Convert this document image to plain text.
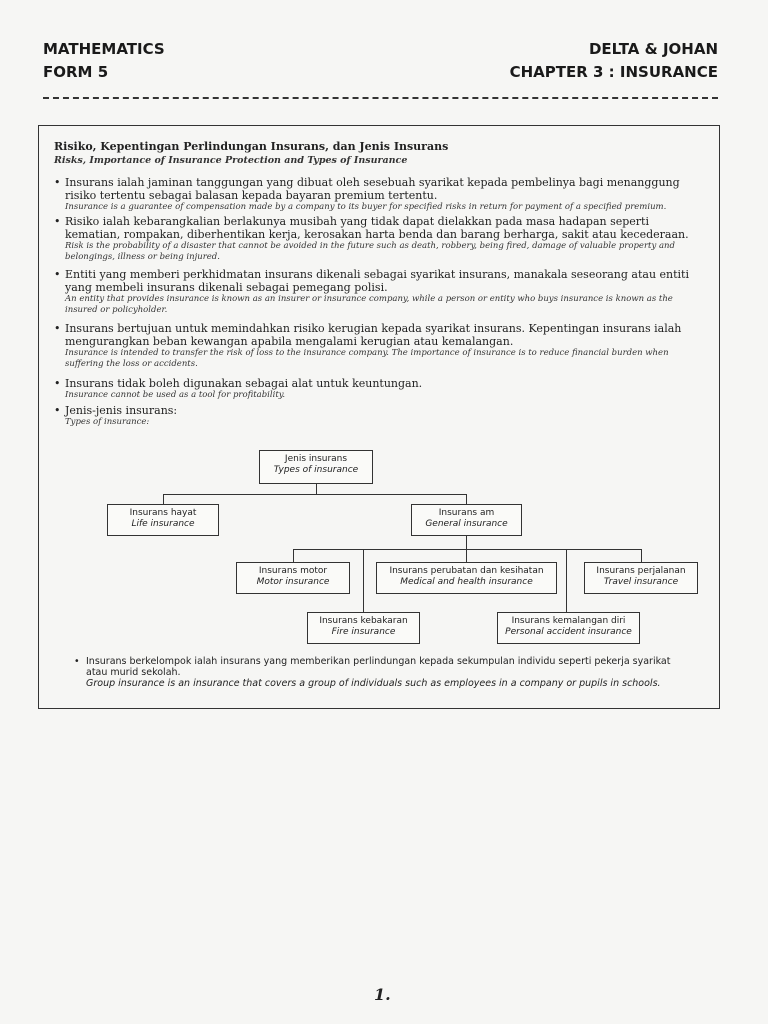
MATHEMATICS
FORM 5
DELTA & JOHAN
CHAPTER 3 : INSURANCE
Risiko, Kepentingan Perlindungan Insurans, dan Jenis Insurans
Risks, Importance of Insurance Protection and Types of Insurance
• Insurans ialah jaminan tanggungan yang dibuat oleh sesebuah syarikat kepada pembelinya bagi menanggung risiko tertentu sebagai balasan kepada bayaran premium tertentu.
Insurance is a guarantee of compensation made by a company to its buyer for specified risks in return for payment of a specified premium.
• Risiko ialah kebarangkalian berlakunya musibah yang tidak dapat dielakkan pada masa hadapan seperti kematian, rompakan, diberhentikan kerja, kerosakan harta benda dan barang berharga, sakit atau kecederaan.
Risk is the probability of a disaster that cannot be avoided in the future such as death, robbery, being fired, damage of valuable property and belongings, illness or being injured.
• Entiti yang memberi perkhidmatan insurans dikenali sebagai syarikat insurans, manakala seseorang atau entiti yang membeli insurans dikenali sebagai pemegang polisi.
An entity that provides insurance is known as an insurer or insurance company, while a person or entity who buys insurance is known as the insured or policyholder.
• Insurans bertujuan untuk memindahkan risiko kerugian kepada syarikat insurans. Kepentingan insurans ialah mengurangkan beban kewangan apabila mengalami kerugian atau kemalangan.
Insurance is intended to transfer the risk of loss to the insurance company. The importance of insurance is to reduce financial burden when suffering the loss or accidents.
• Insurans tidak boleh digunakan sebagai alat untuk keuntungan.
Insurance cannot be used as a tool for profitability.
• Jenis-jenis insurans:
Types of insurance:
Jenis insurans
Types of insurance
Insurans hayat
Life insurance
Insurans am
General insurance
Insurans motor
Motor insurance
Insurans perubatan dan kesihatan
Medical and health insurance
Insurans perjalanan
Travel insurance
Insurans kebakaran
Fire insurance
Insurans kemalangan diri
Personal accident insurance
• Insurans berkelompok ialah insurans yang memberikan perlindungan kepada sekumpulan individu seperti pekerja syarikat atau murid sekolah.
Group insurance is an insurance that covers a group of individuals such as employees in a company or pupils in schools.
1.
